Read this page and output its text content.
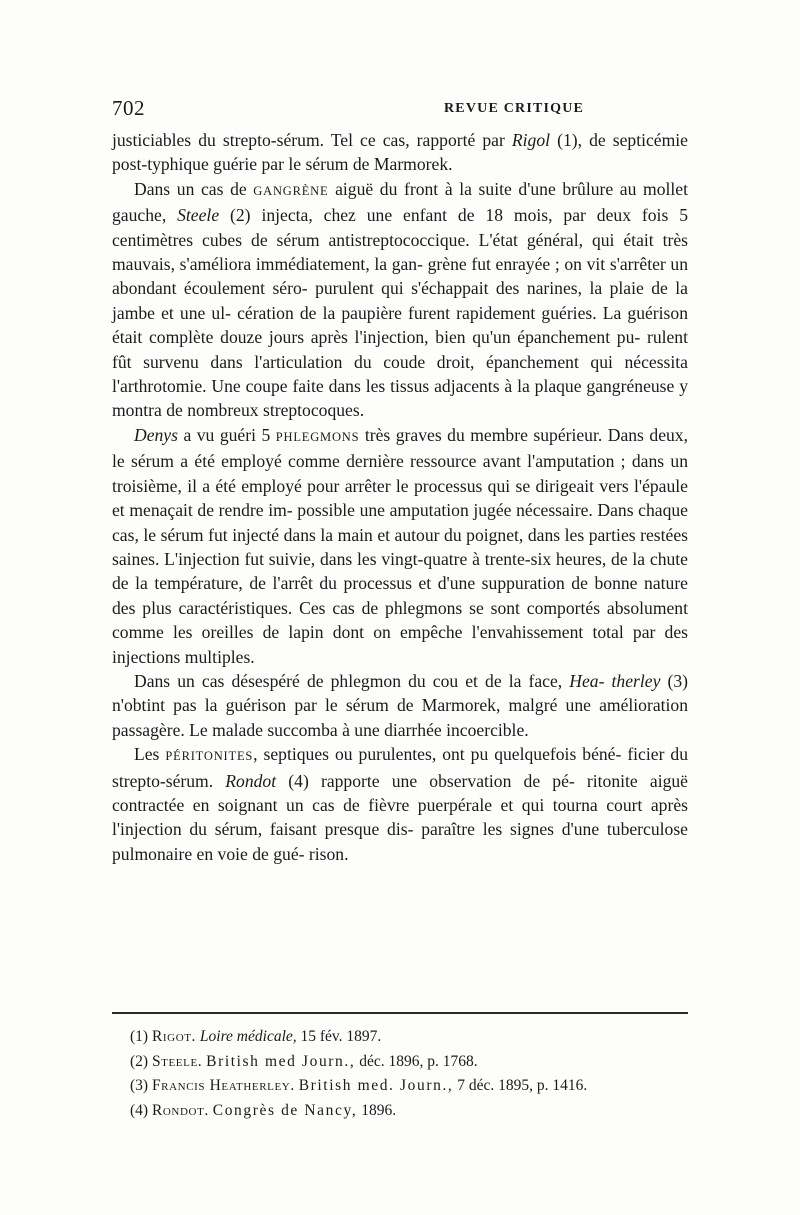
702	REVUE CRITIQUE

justiciables du strepto-sérum. Tel ce cas, rapporté par Rigol (1), de septicémie post-typhique guérie par le sérum de Marmorek.

Dans un cas de GANGRÈNE aiguë du front à la suite d'une brûlure au mollet gauche, Steele (2) injecta, chez une enfant de 18 mois, par deux fois 5 centimètres cubes de sérum antistreptococcique. L'état général, qui était très mauvais, s'améliora immédiatement, la gan- grène fut enrayée ; on vit s'arrêter un abondant écoulement séro- purulent qui s'échappait des narines, la plaie de la jambe et une ul- cération de la paupière furent rapidement guéries. La guérison était complète douze jours après l'injection, bien qu'un épanchement pu- rulent fût survenu dans l'articulation du coude droit, épanchement qui nécessita l'arthrotomie. Une coupe faite dans les tissus adjacents à la plaque gangréneuse y montra de nombreux streptocoques.

Denys a vu guéri 5 PHLEGMONS très graves du membre supérieur. Dans deux, le sérum a été employé comme dernière ressource avant l'amputation ; dans un troisième, il a été employé pour arrêter le processus qui se dirigeait vers l'épaule et menaçait de rendre im- possible une amputation jugée nécessaire. Dans chaque cas, le sérum fut injecté dans la main et autour du poignet, dans les parties restées saines. L'injection fut suivie, dans les vingt-quatre à trente-six heures, de la chute de la température, de l'arrêt du processus et d'une suppuration de bonne nature des plus caractéristiques. Ces cas de phlegmons se sont comportés absolument comme les oreilles de lapin dont on empêche l'envahissement total par des injections multiples.

Dans un cas désespéré de phlegmon du cou et de la face, Hea- therley (3) n'obtint pas la guérison par le sérum de Marmorek, malgré une amélioration passagère. Le malade succomba à une diarrhée incoercible.

Les PÉRITONITES, septiques ou purulentes, ont pu quelquefois béné- ficier du strepto-sérum. Rondot (4) rapporte une observation de pé- ritonite aiguë contractée en soignant un cas de fièvre puerpérale et qui tourna court après l'injection du sérum, faisant presque dis- paraître les signes d'une tuberculose pulmonaire en voie de gué- rison.

(1) Rigot. Loire médicale, 15 fév. 1897.
(2) Steele. British med Journ., déc. 1896, p. 1768.
(3) Francis Heatherley. British med. Journ., 7 déc. 1895, p. 1416.
(4) Rondot. Congrès de Nancy, 1896.
